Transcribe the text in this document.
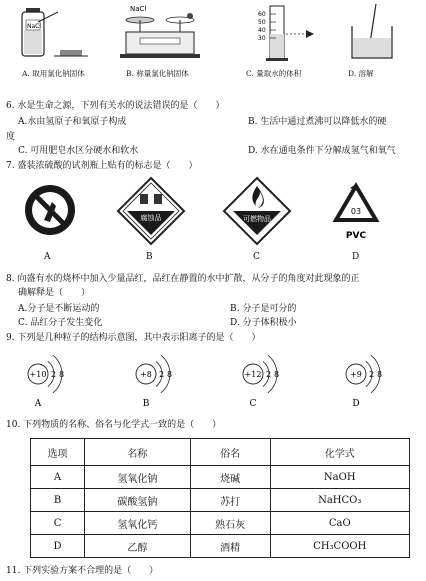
NaCl
A. 取用氯化钠固体
NaCl
B. 称量氯化钠固体
60
50
40
30
C. 量取水的体积	D. 溶解
6. 水是生命之源，下列有关水的说法错误的是（　　）
A.水由氢原子和氧原子构成	B. 生活中通过煮沸可以降低水的硬
度
C. 可用肥皂水区分硬水和软水	D. 水在通电条件下分解成氢气和氧气
7. 盛装浓硫酸的试剂瓶上贴有的标志是（　　）
A
腐蚀品
B
可燃物品
C
03
PVC
D
8. 向盛有水的烧杯中加入少量品红，品红在静置的水中扩散，从分子的角度对此现象的正
确解释是（　　）
A.分子是不断运动的	B. 分子是可分的
C. 品红分子发生变化	D. 分子体积极小
9. 下列是几种粒子的结构示意图，其中表示阳离子的是（　　）
+10 2 8
A
+8 2 8
B
+12 2 8
C
+9 2 8
D
10. 下列物质的名称、俗名与化学式一致的是（　　）
选项	名称	俗名	化学式
A	氢氧化钠	烧碱	NaOH
B	碳酸氢钠	苏打	NaHCO₃
C	氢氧化钙	熟石灰	CaO
D	乙醇	酒精	CH₃COOH
11. 下列实验方案不合理的是（　　）
